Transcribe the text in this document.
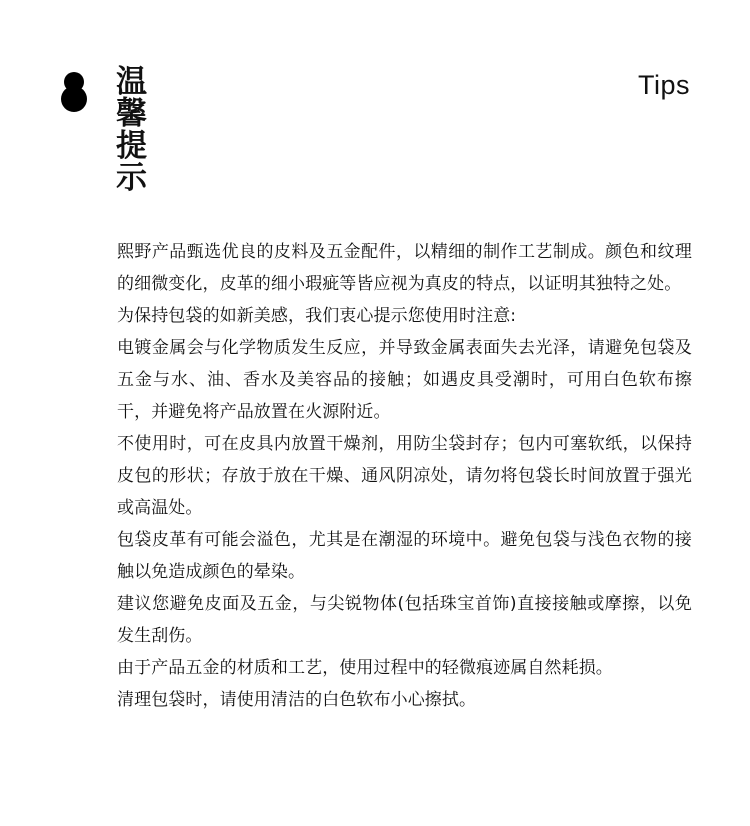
温馨提示
Tips

熙野产品甄选优良的皮料及五金配件，以精细的制作工艺制成。颜色和纹理的细微变化，皮革的细小瑕疵等皆应视为真皮的特点，以证明其独特之处。

为保持包袋的如新美感，我们衷心提示您使用时注意:

电镀金属会与化学物质发生反应，并导致金属表面失去光泽，请避免包袋及五金与水、油、香水及美容品的接触；如遇皮具受潮时，可用白色软布擦干，并避免将产品放置在火源附近。

不使用时，可在皮具内放置干燥剂，用防尘袋封存；包内可塞软纸，以保持皮包的形状；存放于放在干燥、通风阴凉处，请勿将包袋长时间放置于强光或高温处。

包袋皮革有可能会溢色，尤其是在潮湿的环境中。避免包袋与浅色衣物的接触以免造成颜色的晕染。

建议您避免皮面及五金，与尖锐物体(包括珠宝首饰)直接接触或摩擦，以免发生刮伤。

由于产品五金的材质和工艺，使用过程中的轻微痕迹属自然耗损。

清理包袋时，请使用清洁的白色软布小心擦拭。
